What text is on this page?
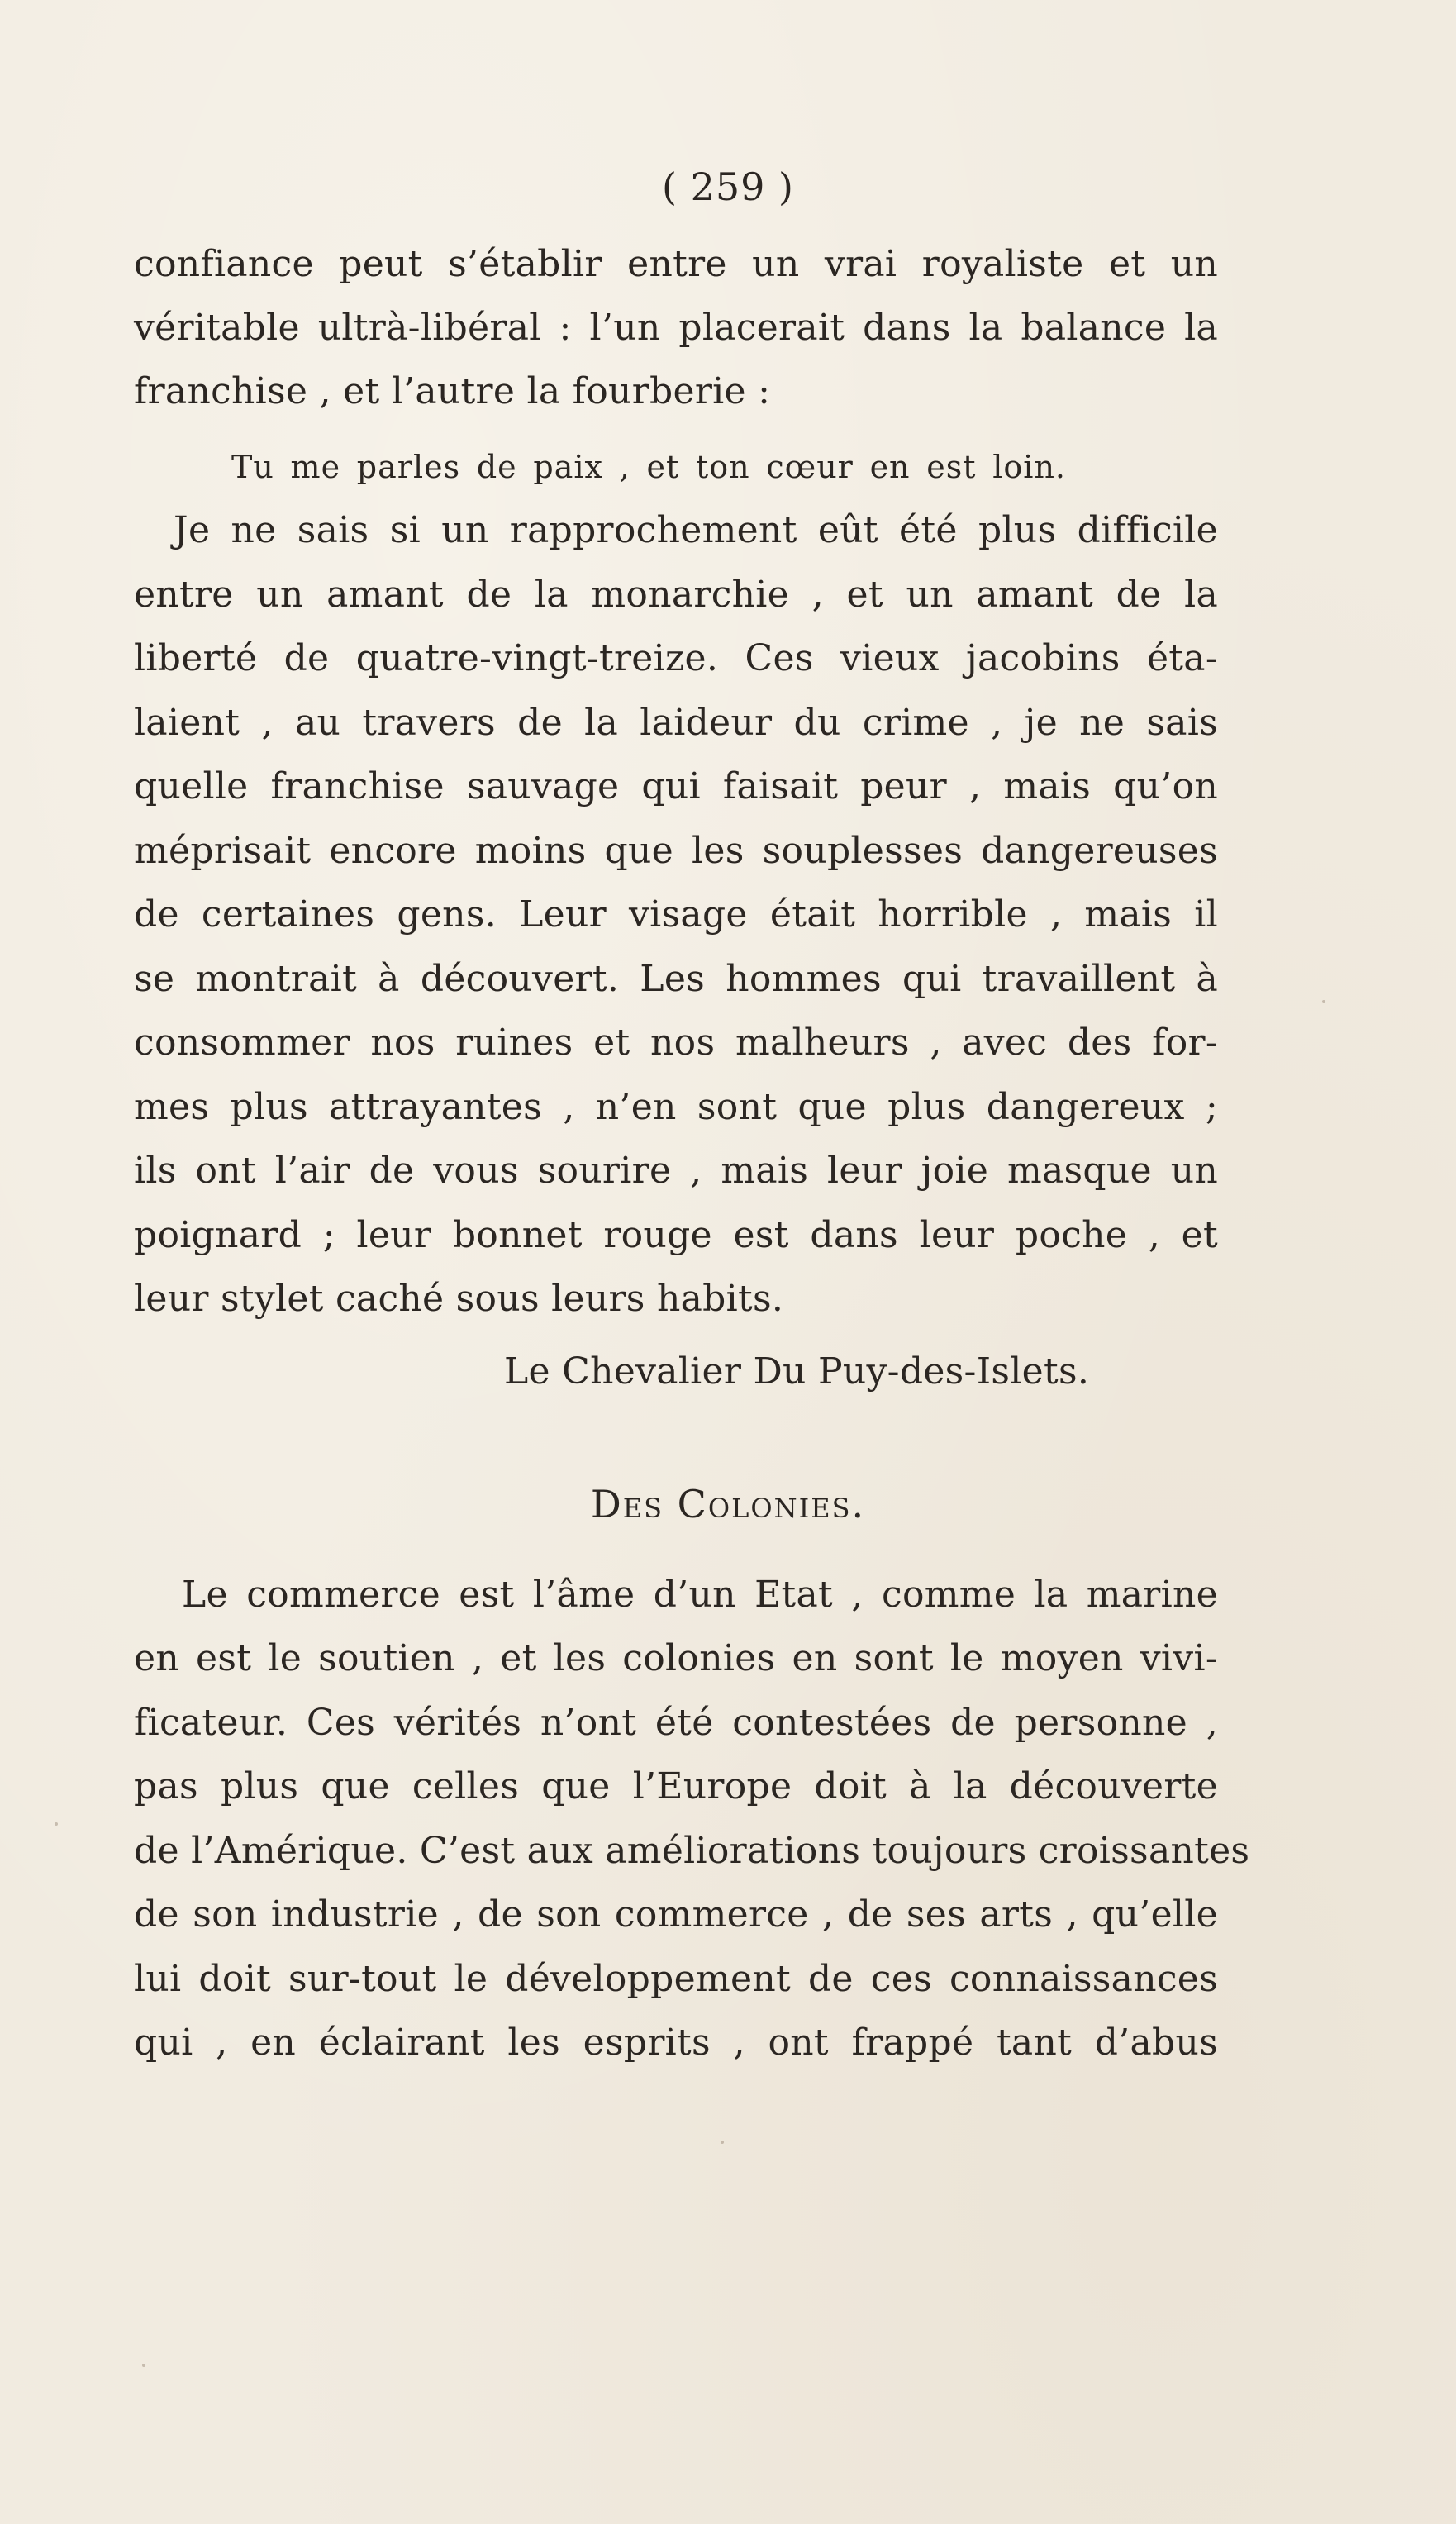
( 259 )
confiance peut s’établir entre un vrai royaliste et un
véritable ultrà-libéral : l’un placerait dans la balance la
franchise , et l’autre la fourberie :
Tu me parles de paix , et ton cœur en est loin.
Je ne sais si un rapprochement eût été plus difficile
entre un amant de la monarchie , et un amant de la
liberté de quatre-vingt-treize. Ces vieux jacobins éta-
laient , au travers de la laideur du crime , je ne sais
quelle franchise sauvage qui faisait peur , mais qu’on
méprisait encore moins que les souplesses dangereuses
de certaines gens. Leur visage était horrible , mais il
se montrait à découvert. Les hommes qui travaillent à
consommer nos ruines et nos malheurs , avec des for-
mes plus attrayantes , n’en sont que plus dangereux ;
ils ont l’air de vous sourire , mais leur joie masque un
poignard ; leur bonnet rouge est dans leur poche , et
leur stylet caché sous leurs habits.
Le Chevalier Du Puy-des-Islets.
Des Colonies.
Le commerce est l’âme d’un Etat , comme la marine
en est le soutien , et les colonies en sont le moyen vivi-
ficateur. Ces vérités n’ont été contestées de personne ,
pas plus que celles que l’Europe doit à la découverte
de l’Amérique. C’est aux améliorations toujours croissantes
de son industrie , de son commerce , de ses arts , qu’elle
lui doit sur-tout le développement de ces connaissances
qui , en éclairant les esprits , ont frappé tant d’abus
